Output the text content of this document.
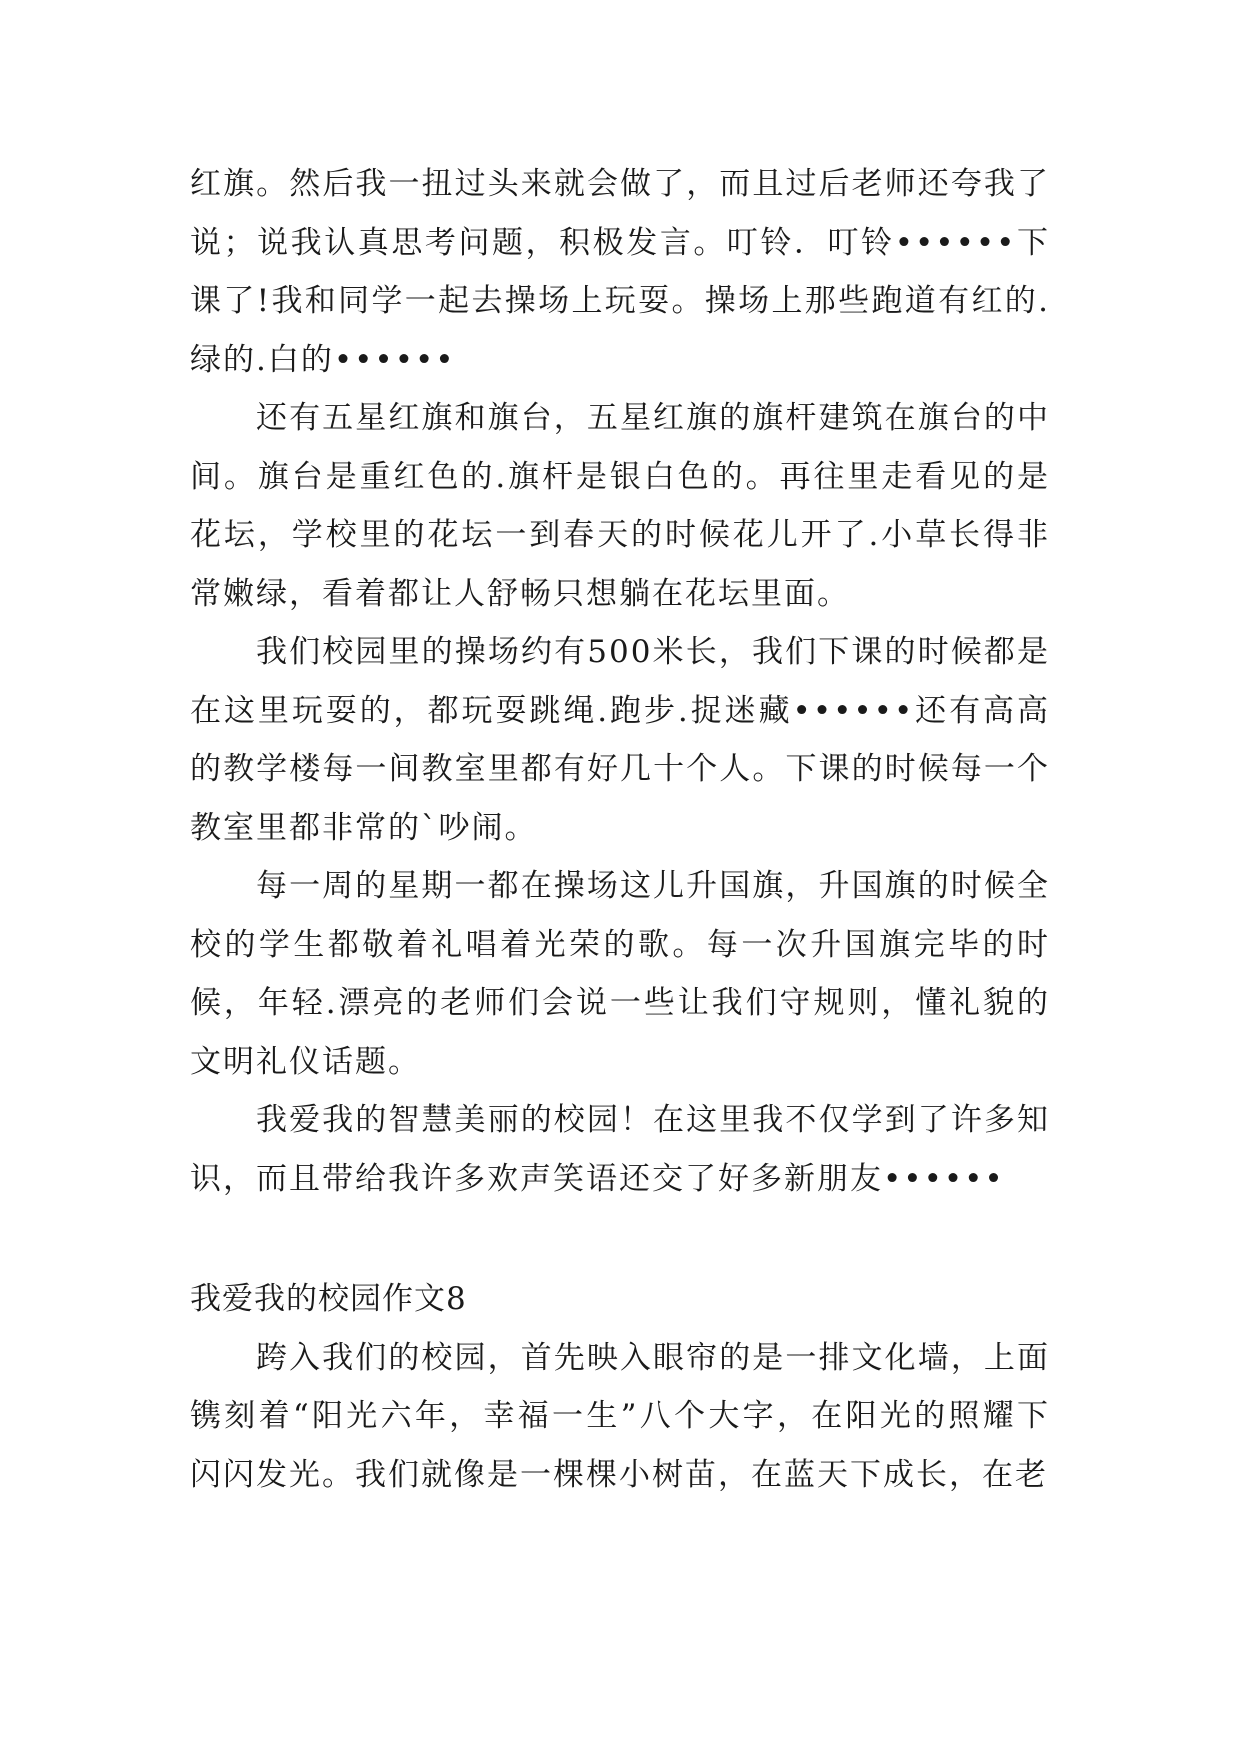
红旗。然后我一扭过头来就会做了，而且过后老师还夸我了说；说我认真思考问题，积极发言。叮铃．叮铃••••••下课了!我和同学一起去操场上玩耍。操场上那些跑道有红的.绿的.白的••••••

还有五星红旗和旗台，五星红旗的旗杆建筑在旗台的中间。旗台是重红色的.旗杆是银白色的。再往里走看见的是花坛，学校里的花坛一到春天的时候花儿开了.小草长得非常嫩绿，看着都让人舒畅只想躺在花坛里面。

我们校园里的操场约有500米长，我们下课的时候都是在这里玩耍的，都玩耍跳绳.跑步.捉迷藏••••••还有高高的教学楼每一间教室里都有好几十个人。下课的时候每一个教室里都非常的`吵闹。

每一周的星期一都在操场这儿升国旗，升国旗的时候全校的学生都敬着礼唱着光荣的歌。每一次升国旗完毕的时候，年轻.漂亮的老师们会说一些让我们守规则，懂礼貌的文明礼仪话题。

我爱我的智慧美丽的校园！在这里我不仅学到了许多知识，而且带给我许多欢声笑语还交了好多新朋友••••••

我爱我的校园作文8

跨入我们的校园，首先映入眼帘的是一排文化墙，上面镌刻着“阳光六年，幸福一生”八个大字，在阳光的照耀下闪闪发光。我们就像是一棵棵小树苗，在蓝天下成长，在老
